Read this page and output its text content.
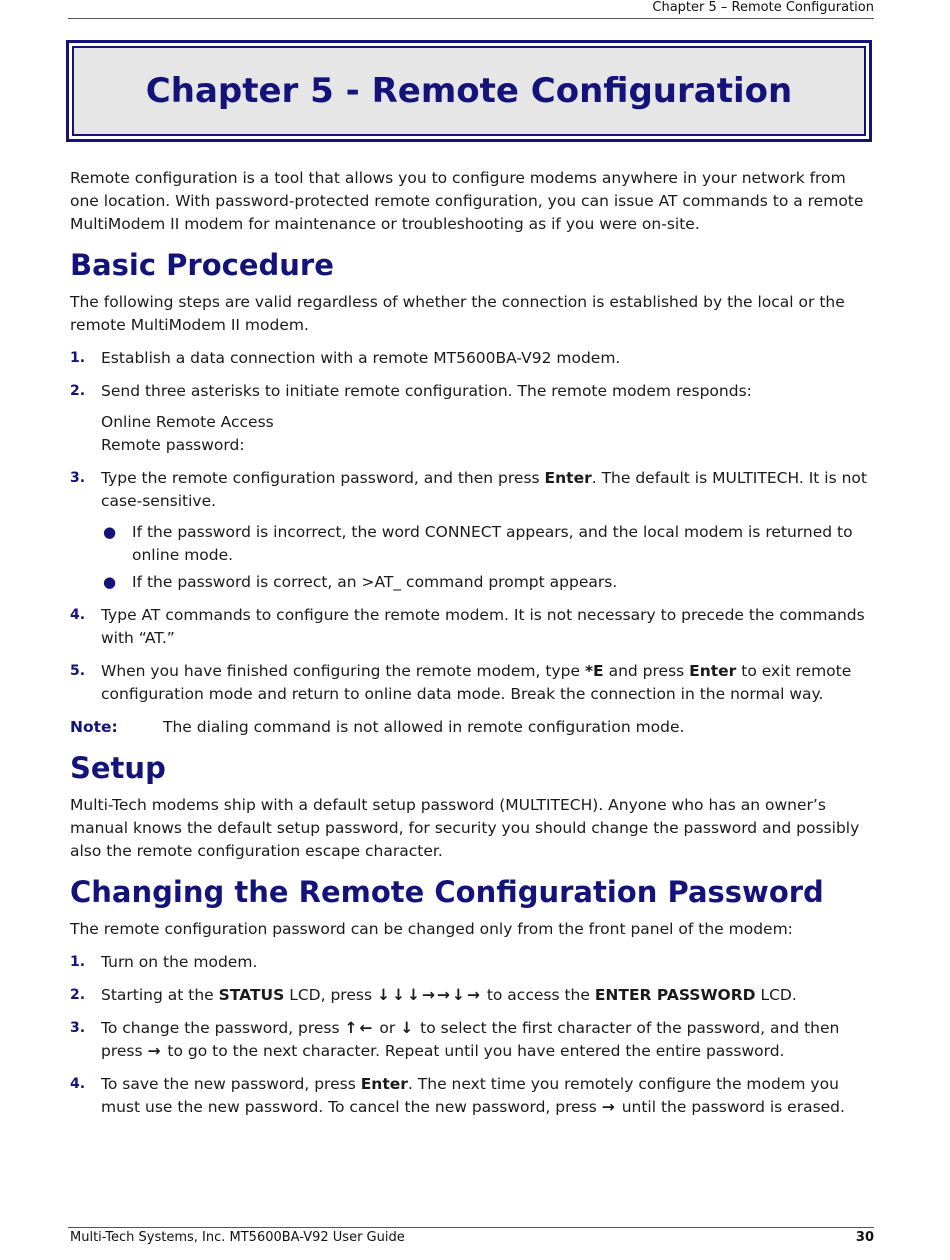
Chapter 5 – Remote Configuration
Chapter 5 - Remote Configuration

Remote configuration is a tool that allows you to configure modems anywhere in your network from one location. With password-protected remote configuration, you can issue AT commands to a remote MultiModem II modem for maintenance or troubleshooting as if you were on-site.

Basic Procedure

The following steps are valid regardless of whether the connection is established by the local or the remote MultiModem II modem.

1. Establish a data connection with a remote MT5600BA-V92 modem.
2. Send three asterisks to initiate remote configuration. The remote modem responds:
Online Remote Access
Remote password:
3. Type the remote configuration password, and then press Enter. The default is MULTITECH. It is not case-sensitive.
● If the password is incorrect, the word CONNECT appears, and the local modem is returned to online mode.
● If the password is correct, an >AT_ command prompt appears.
4. Type AT commands to configure the remote modem. It is not necessary to precede the commands with “AT.”
5. When you have finished configuring the remote modem, type *E and press Enter to exit remote configuration mode and return to online data mode. Break the connection in the normal way.
Note:	The dialing command is not allowed in remote configuration mode.
Setup

Multi-Tech modems ship with a default setup password (MULTITECH). Anyone who has an owner’s manual knows the default setup password, for security you should change the password and possibly also the remote configuration escape character.

Changing the Remote Configuration Password

The remote configuration password can be changed only from the front panel of the modem:

1. Turn on the modem.
2. Starting at the STATUS LCD, press ↓↓↓→→↓→ to access the ENTER PASSWORD LCD.
3. To change the password, press ↑← or ↓ to select the first character of the password, and then press → to go to the next character. Repeat until you have entered the entire password.
4. To save the new password, press Enter. The next time you remotely configure the modem you must use the new password. To cancel the new password, press → until the password is erased.
Multi-Tech Systems, Inc. MT5600BA-V92 User Guide	30
